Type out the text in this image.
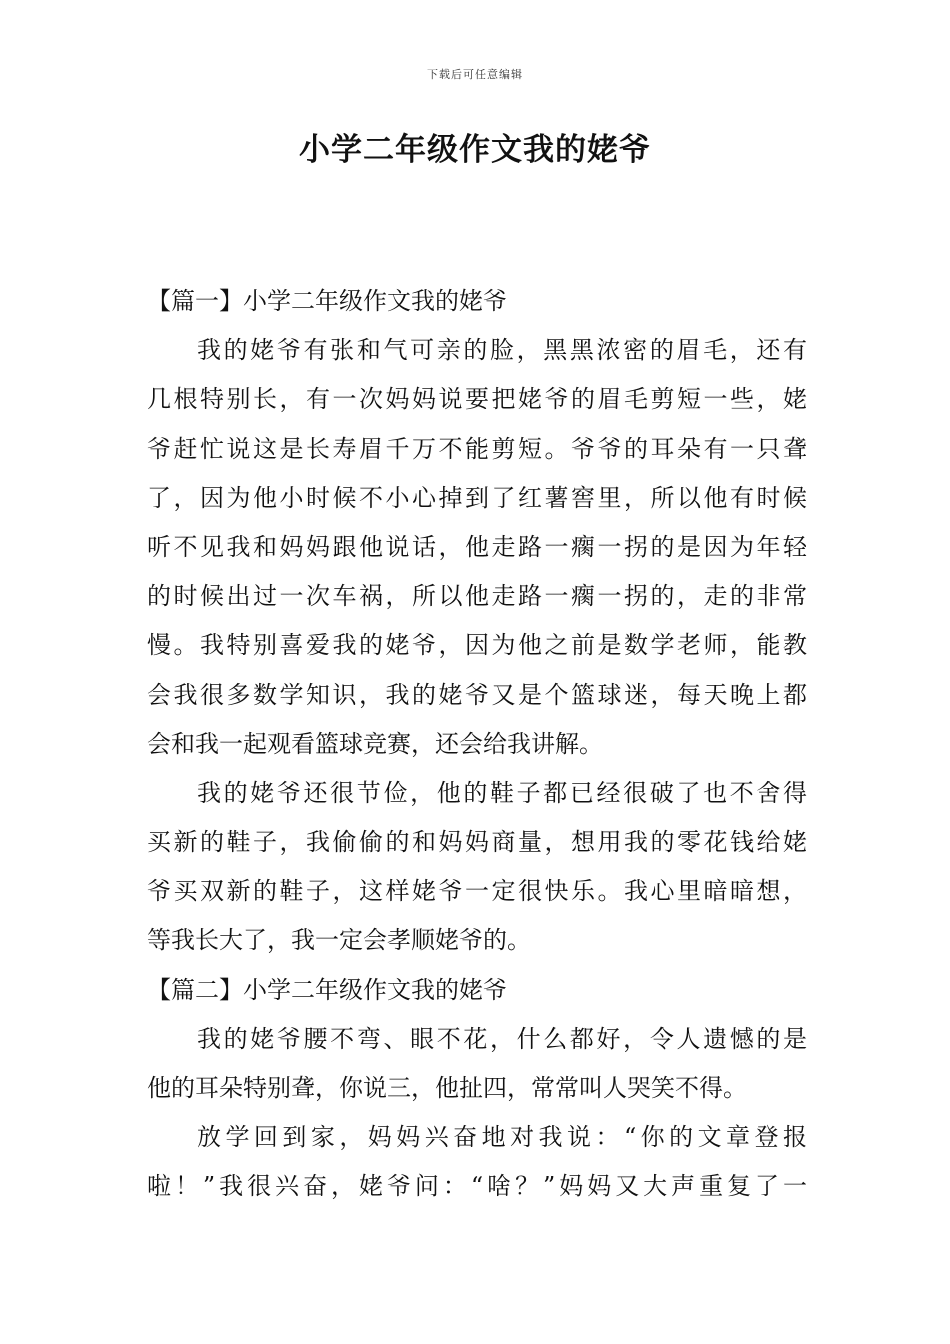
下载后可任意编辑
小学二年级作文我的姥爷
【篇一】小学二年级作文我的姥爷
我的姥爷有张和气可亲的脸，黑黑浓密的眉毛，还有
几根特别长，有一次妈妈说要把姥爷的眉毛剪短一些，姥
爷赶忙说这是长寿眉千万不能剪短。爷爷的耳朵有一只聋
了，因为他小时候不小心掉到了红薯窖里，所以他有时候
听不见我和妈妈跟他说话，他走路一瘸一拐的是因为年轻
的时候出过一次车祸，所以他走路一瘸一拐的，走的非常
慢。我特别喜爱我的姥爷，因为他之前是数学老师，能教
会我很多数学知识，我的姥爷又是个篮球迷，每天晚上都
会和我一起观看篮球竞赛，还会给我讲解。
我的姥爷还很节俭，他的鞋子都已经很破了也不舍得
买新的鞋子，我偷偷的和妈妈商量，想用我的零花钱给姥
爷买双新的鞋子，这样姥爷一定很快乐。我心里暗暗想，
等我长大了，我一定会孝顺姥爷的。
【篇二】小学二年级作文我的姥爷
我的姥爷腰不弯、眼不花，什么都好，令人遗憾的是
他的耳朵特别聋，你说三，他扯四，常常叫人哭笑不得。
放学回到家，妈妈兴奋地对我说：“你的文章登报
啦！”我很兴奋，姥爷问：“啥？”妈妈又大声重复了一
